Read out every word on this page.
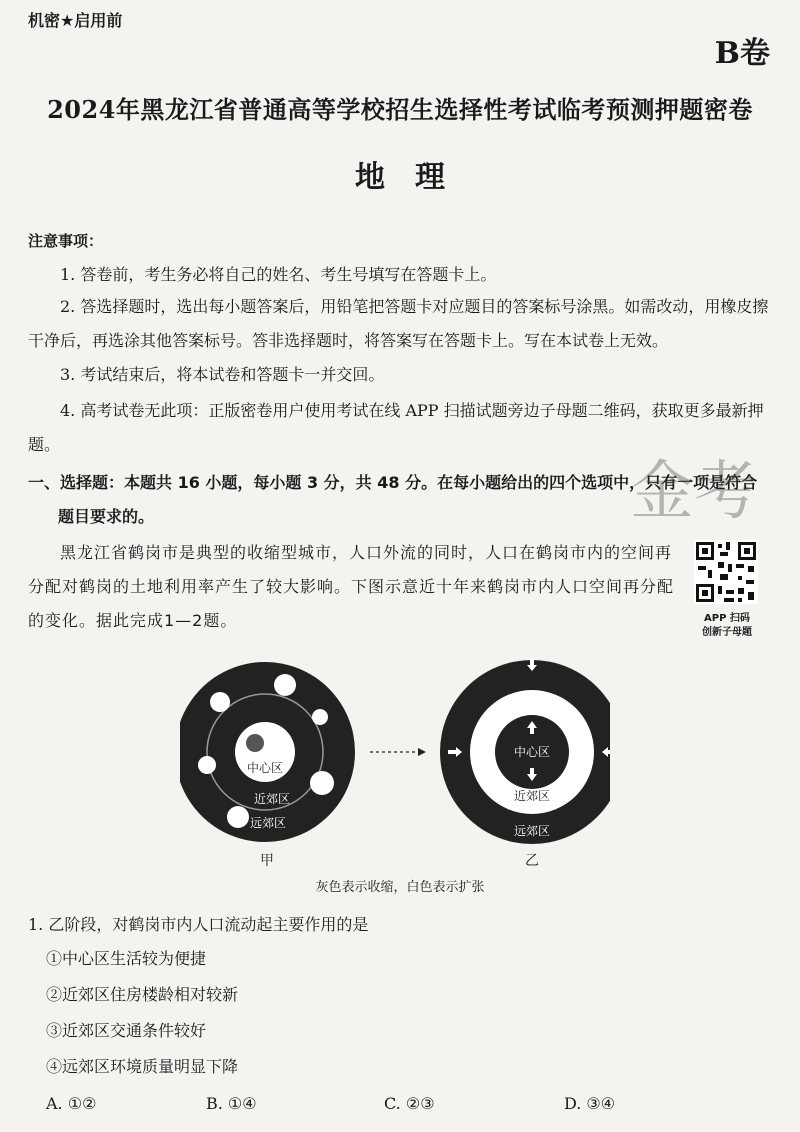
机密★启用前
B卷
2024年黑龙江省普通高等学校招生选择性考试临考预测押题密卷
地理
注意事项：
1. 答卷前，考生务必将自己的姓名、考生号填写在答题卡上。
2. 答选择题时，选出每小题答案后，用铅笔把答题卡对应题目的答案标号涂黑。如需改动，用橡皮擦干净后，再选涂其他答案标号。答非选择题时，将答案写在答题卡上。写在本试卷上无效。
3. 考试结束后，将本试卷和答题卡一并交回。
4. 高考试卷无此项：正版密卷用户使用考试在线 APP 扫描试题旁边子母题二维码，获取更多最新押题。
一、选择题：本题共 16 小题，每小题 3 分，共 48 分。在每小题给出的四个选项中，只有一项是符合
题目要求的。	金考
黑龙江省鹤岗市是典型的收缩型城市，人口外流的同时，人口在鹤岗市内的空间再分配对鹤岗的土地利用率产生了较大影响。下图示意近十年来鹤岗市内人口空间再分配的变化。据此完成1—2题。	APP 扫码
创新子母题
中心区
近郊区
远郊区
甲
中心区
近郊区
远郊区
乙
灰色表示收缩，白色表示扩张
1. 乙阶段，对鹤岗市内人口流动起主要作用的是
①中心区生活较为便捷
②近郊区住房楼龄相对较新
③近郊区交通条件较好
④远郊区环境质量明显下降
A. ①②	B. ①④	C. ②③	D. ③④
